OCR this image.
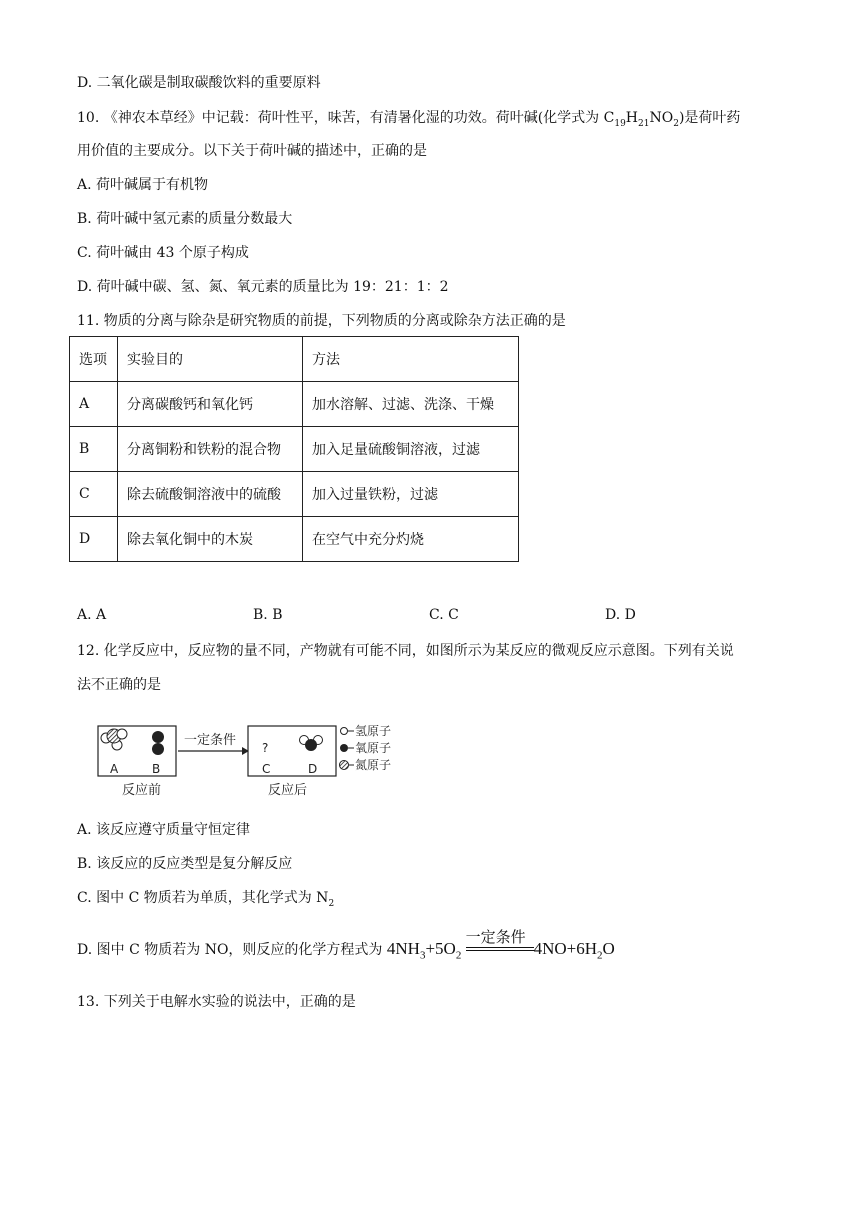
D. 二氧化碳是制取碳酸饮料的重要原料
10. 《神农本草经》中记载：荷叶性平，味苦，有清暑化湿的功效。荷叶碱(化学式为 $C_{19}H_{21}NO_2$)是荷叶药
用价值的主要成分。以下关于荷叶碱的描述中，正确的是
A. 荷叶碱属于有机物
B. 荷叶碱中氢元素的质量分数最大
C. 荷叶碱由 43 个原子构成
D. 荷叶碱中碳、氢、氮、氧元素的质量比为 19：21：1：2
11. 物质的分离与除杂是研究物质的前提，下列物质的分离或除杂方法正确的是
选项	实验目的	方法
A	分离碳酸钙和氧化钙	加水溶解、过滤、洗涤、干燥
B	分离铜粉和铁粉的混合物	加入足量硫酸铜溶液，过滤
C	除去硫酸铜溶液中的硫酸	加入过量铁粉，过滤
D	除去氧化铜中的木炭	在空气中充分灼烧
A. A	B. B	C. C	D. D
12. 化学反应中，反应物的量不同，产物就有可能不同，如图所示为某反应的微观反应示意图。下列有关说
法不正确的是
A	B
反应前
一定条件 ?
C	D
反应后
氢原子
氧原子
氮原子
A. 该反应遵守质量守恒定律
B. 该反应的反应类型是复分解反应
C. 图中 C 物质若为单质，其化学式为 $N_2$
D. 图中 C 物质若为 NO，则反应的化学方程式为 $4NH_3+5O_2$
一定条件
$4NO+6H_2O$
13. 下列关于电解水实验的说法中，正确的是
